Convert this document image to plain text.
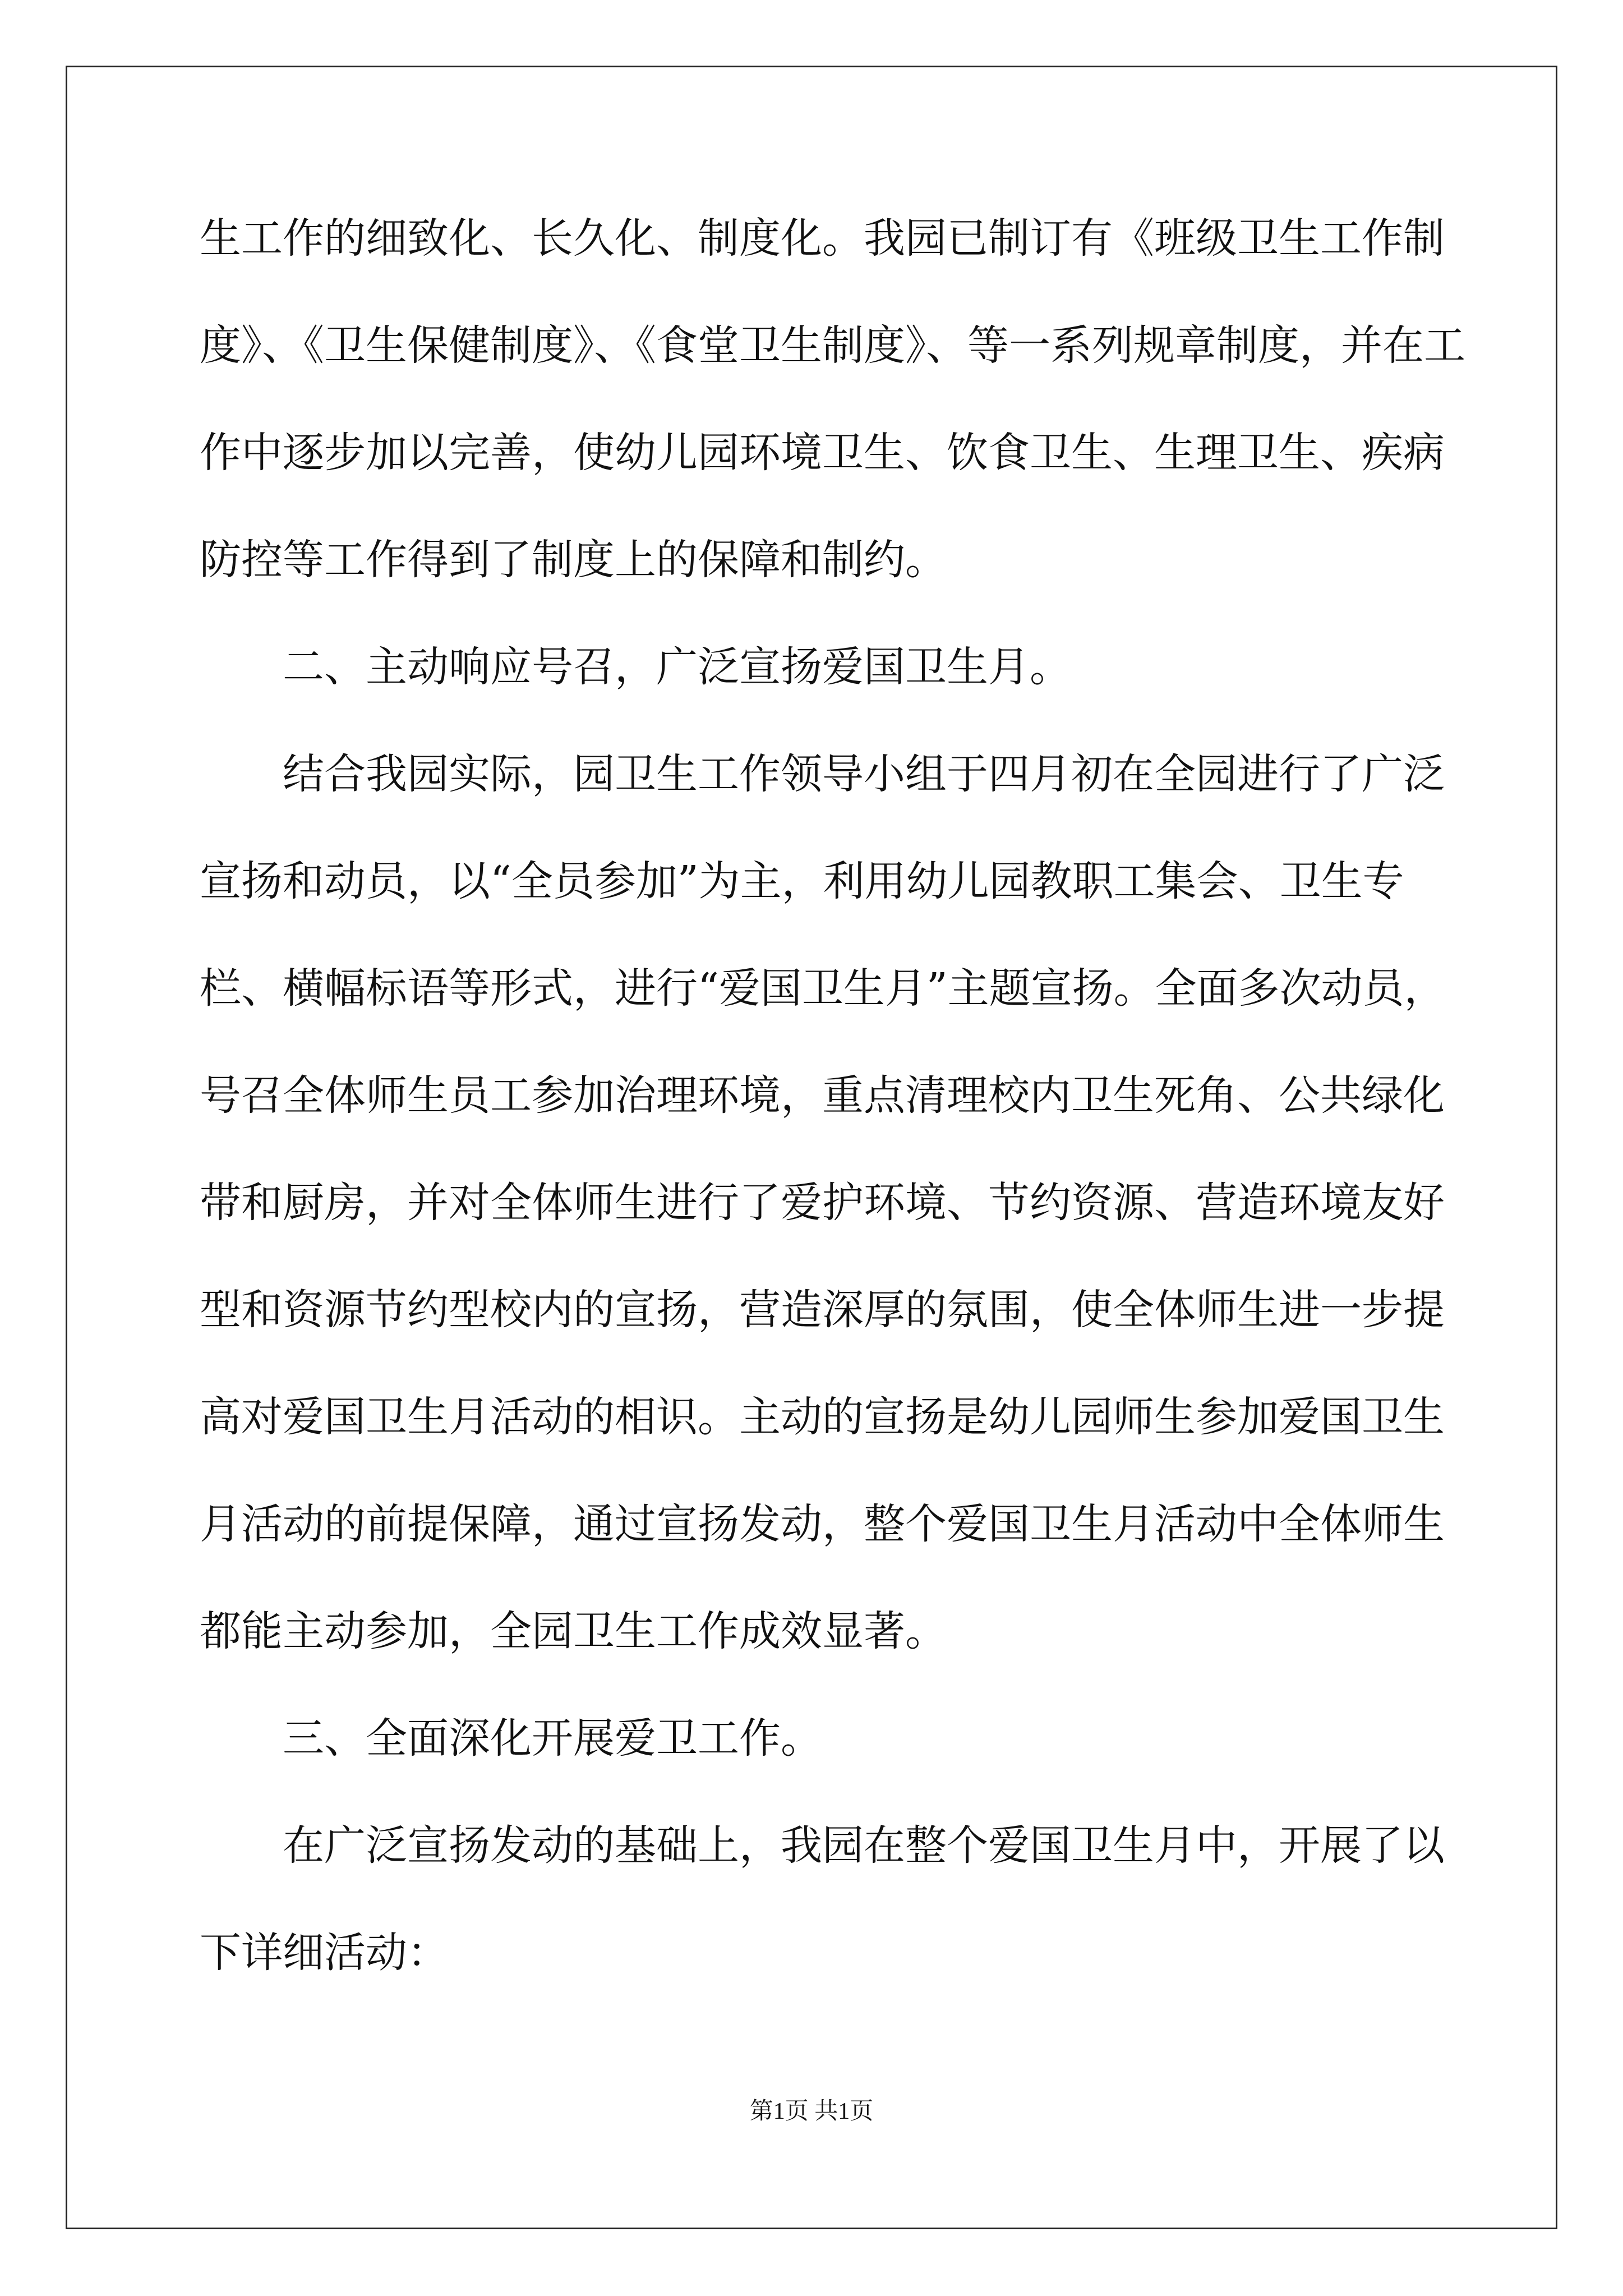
生工作的细致化、长久化、制度化。我园已制订有《班级卫生工作制
度》、《卫生保健制度》、《食堂卫生制度》、等一系列规章制度，并在工
作中逐步加以完善，使幼儿园环境卫生、饮食卫生、生理卫生、疾病
防控等工作得到了制度上的保障和制约。
二、主动响应号召，广泛宣扬爱国卫生月。
结合我园实际，园卫生工作领导小组于四月初在全园进行了广泛
宣扬和动员，以“全员参加”为主，利用幼儿园教职工集会、卫生专
栏、横幅标语等形式，进行“爱国卫生月”主题宣扬。全面多次动员，
号召全体师生员工参加治理环境，重点清理校内卫生死角、公共绿化
带和厨房，并对全体师生进行了爱护环境、节约资源、营造环境友好
型和资源节约型校内的宣扬，营造深厚的氛围，使全体师生进一步提
高对爱国卫生月活动的相识。主动的宣扬是幼儿园师生参加爱国卫生
月活动的前提保障，通过宣扬发动，整个爱国卫生月活动中全体师生
都能主动参加，全园卫生工作成效显著。
三、全面深化开展爱卫工作。
在广泛宣扬发动的基础上，我园在整个爱国卫生月中，开展了以
下详细活动：
第1页 共1页
